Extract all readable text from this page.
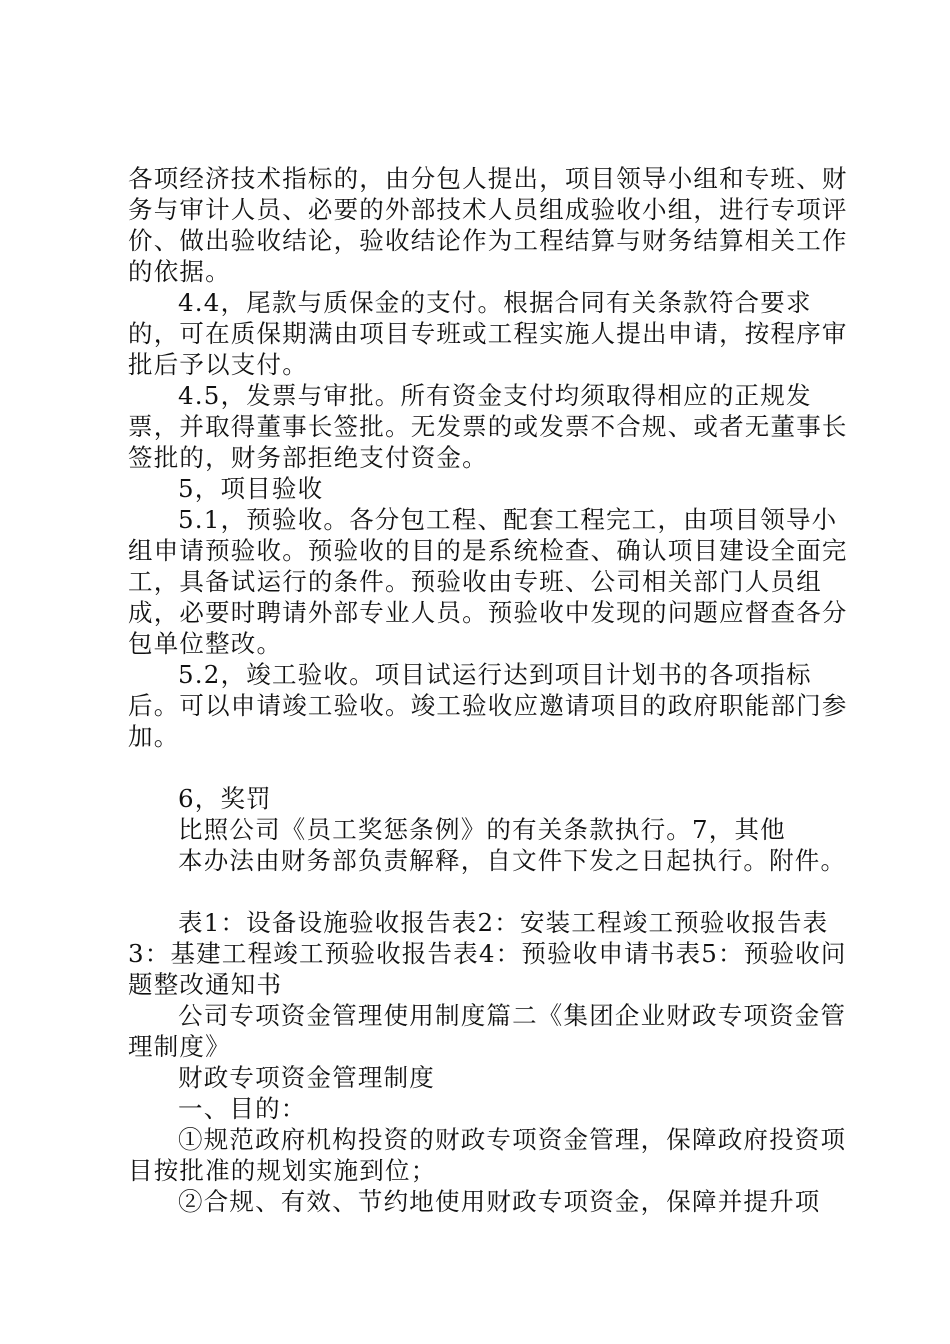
各项经济技术指标的，由分包人提出，项目领导小组和专班、财务与审计人员、必要的外部技术人员组成验收小组，进行专项评价、做出验收结论，验收结论作为工程结算与财务结算相关工作的依据。

4.4，尾款与质保金的支付。根据合同有关条款符合要求的，可在质保期满由项目专班或工程实施人提出申请，按程序审批后予以支付。

4.5，发票与审批。所有资金支付均须取得相应的正规发票，并取得董事长签批。无发票的或发票不合规、或者无董事长签批的，财务部拒绝支付资金。

5，项目验收

5.1，预验收。各分包工程、配套工程完工，由项目领导小组申请预验收。预验收的目的是系统检查、确认项目建设全面完工，具备试运行的条件。预验收由专班、公司相关部门人员组成，必要时聘请外部专业人员。预验收中发现的问题应督查各分包单位整改。

5.2，竣工验收。项目试运行达到项目计划书的各项指标后。可以申请竣工验收。竣工验收应邀请项目的政府职能部门参加。

6，奖罚

比照公司《员工奖惩条例》的有关条款执行。7，其他

本办法由财务部负责解释，自文件下发之日起执行。附件。

表1：设备设施验收报告表2：安装工程竣工预验收报告表3：基建工程竣工预验收报告表4：预验收申请书表5：预验收问题整改通知书

公司专项资金管理使用制度篇二《集团企业财政专项资金管理制度》

财政专项资金管理制度

一、目的：

①规范政府机构投资的财政专项资金管理，保障政府投资项目按批准的规划实施到位；

②合规、有效、节约地使用财政专项资金，保障并提升项
